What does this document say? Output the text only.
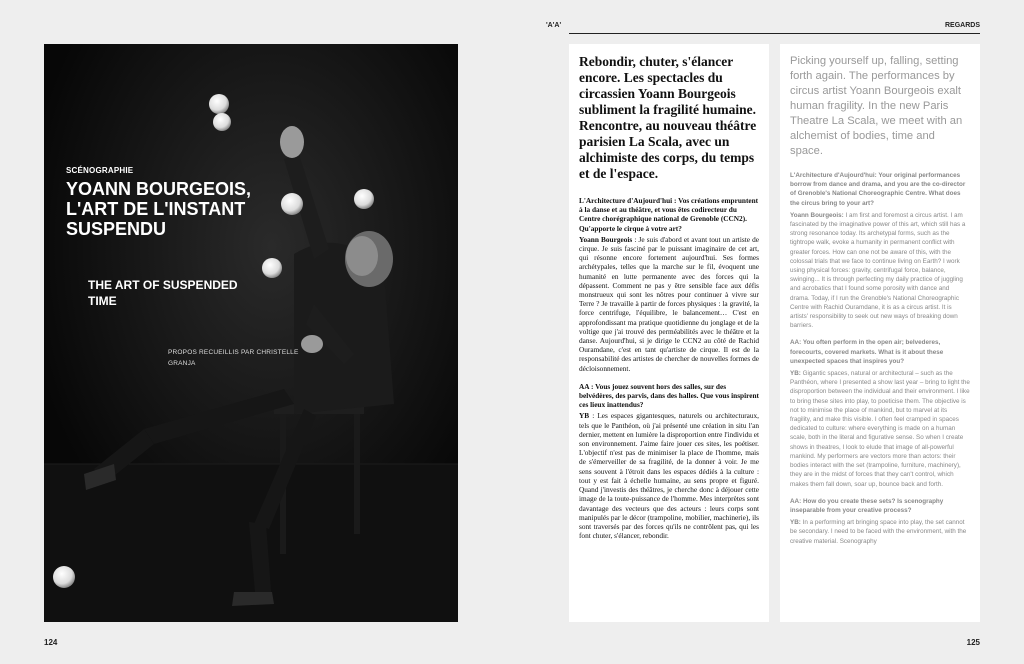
SCÉNOGRAPHIE
YOANN BOURGEOIS, L'ART DE L'INSTANT SUSPENDU
THE ART OF SUSPENDED TIME
PROPOS RECUEILLIS PAR CHRISTELLE GRANJA
124
'A'A'	REGARDS

Rebondir, chuter, s'élancer encore. Les spectacles du circassien Yoann Bourgeois subliment la fragilité humaine. Rencontre, au nouveau théâtre parisien La Scala, avec un alchimiste des corps, du temps et de l'espace.

L'Architecture d'Aujourd'hui : Vos créations empruntent à la danse et au théâtre, et vous êtes codirecteur du Centre chorégraphique national de Grenoble (CCN2). Qu'apporte le cirque à votre art?

Yoann Bourgeois : Je suis d'abord et avant tout un artiste de cirque. Je suis fasciné par le puissant imaginaire de cet art, qui résonne encore fortement aujourd'hui. Ses formes archétypales, telles que la marche sur le fil, évoquent une humanité en lutte permanente avec des forces qui la dépassent. Comment ne pas y être sensible face aux défis monstrueux qui sont les nôtres pour continuer à vivre sur Terre ? Je travaille à partir de forces physiques : la gravité, la force centrifuge, l'équilibre, le balancement… C'est en approfondissant ma pratique quotidienne du jonglage et de la voltige que j'ai trouvé des perméabilités avec le théâtre et la danse. Aujourd'hui, si je dirige le CCN2 au côté de Rachid Ouramdane, c'est en tant qu'artiste de cirque. Il est de la responsabilité des artistes de chercher de nouvelles formes de décloisonnement.

AA : Vous jouez souvent hors des salles, sur des belvédères, des parvis, dans des halles. Que vous inspirent ces lieux inattendus?

YB : Les espaces gigantesques, naturels ou architecturaux, tels que le Panthéon, où j'ai présenté une création in situ l'an dernier, mettent en lumière la disproportion entre l'individu et son environnement. J'aime faire jouer ces sites, les poétiser. L'objectif n'est pas de minimiser la place de l'homme, mais de s'émerveiller de sa fragilité, de la donner à voir. Je me sens souvent à l'étroit dans les espaces dédiés à la culture : tout y est fait à échelle humaine, au sens propre et figuré. Quand j'investis des théâtres, je cherche donc à déjouer cette image de la toute-puissance de l'homme. Mes interprètes sont davantage des vecteurs que des acteurs : leurs corps sont manipulés par le décor (trampoline, mobilier, machinerie), ils sont traversés par des forces qu'ils ne contrôlent pas, qui les font chuter, s'élancer, rebondir.

Picking yourself up, falling, setting forth again. The performances by circus artist Yoann Bourgeois exalt human fragility. In the new Paris Theatre La Scala, we meet with an alchemist of bodies, time and space.

L'Architecture d'Aujourd'hui: Your original performances borrow from dance and drama, and you are the co-director of Grenoble's National Choreographic Centre. What does the circus bring to your art?

Yoann Bourgeois: I am first and foremost a circus artist. I am fascinated by the imaginative power of this art, which still has a strong resonance today. Its archetypal forms, such as the tightrope walk, evoke a humanity in permanent conflict with greater forces. How can one not be aware of this, with the colossal trials that we face to continue living on Earth? I work using physical forces: gravity, centrifugal force, balance, swinging... It is through perfecting my daily practice of juggling and acrobatics that I found some porosity with dance and drama. Today, if I run the Grenoble's National Choreographic Centre with Rachid Ouramdane, it is as a circus artist. It is artists' responsibility to seek out new ways of breaking down barriers.

AA: You often perform in the open air; belvederes, forecourts, covered markets. What is it about these unexpected spaces that inspires you?

YB: Gigantic spaces, natural or architectural – such as the Panthéon, where I presented a show last year – bring to light the disproportion between the individual and their environment. I like to bring these sites into play, to poeticise them. The objective is not to minimise the place of mankind, but to marvel at its fragility, and make this visible. I often feel cramped in spaces dedicated to culture: where everything is made on a human scale, both in the literal and figurative sense. So when I create shows in theatres, I look to elude that image of all-powerful mankind. My performers are vectors more than actors: their bodies interact with the set (trampoline, furniture, machinery), they are in the midst of forces that they can't control, which makes them fall down, soar up, bounce back and forth.

AA: How do you create these sets? Is scenography inseparable from your creative process?

YB: In a performing art bringing space into play, the set cannot be secondary. I need to be faced with the environment, with the creative material. Scenography

125
